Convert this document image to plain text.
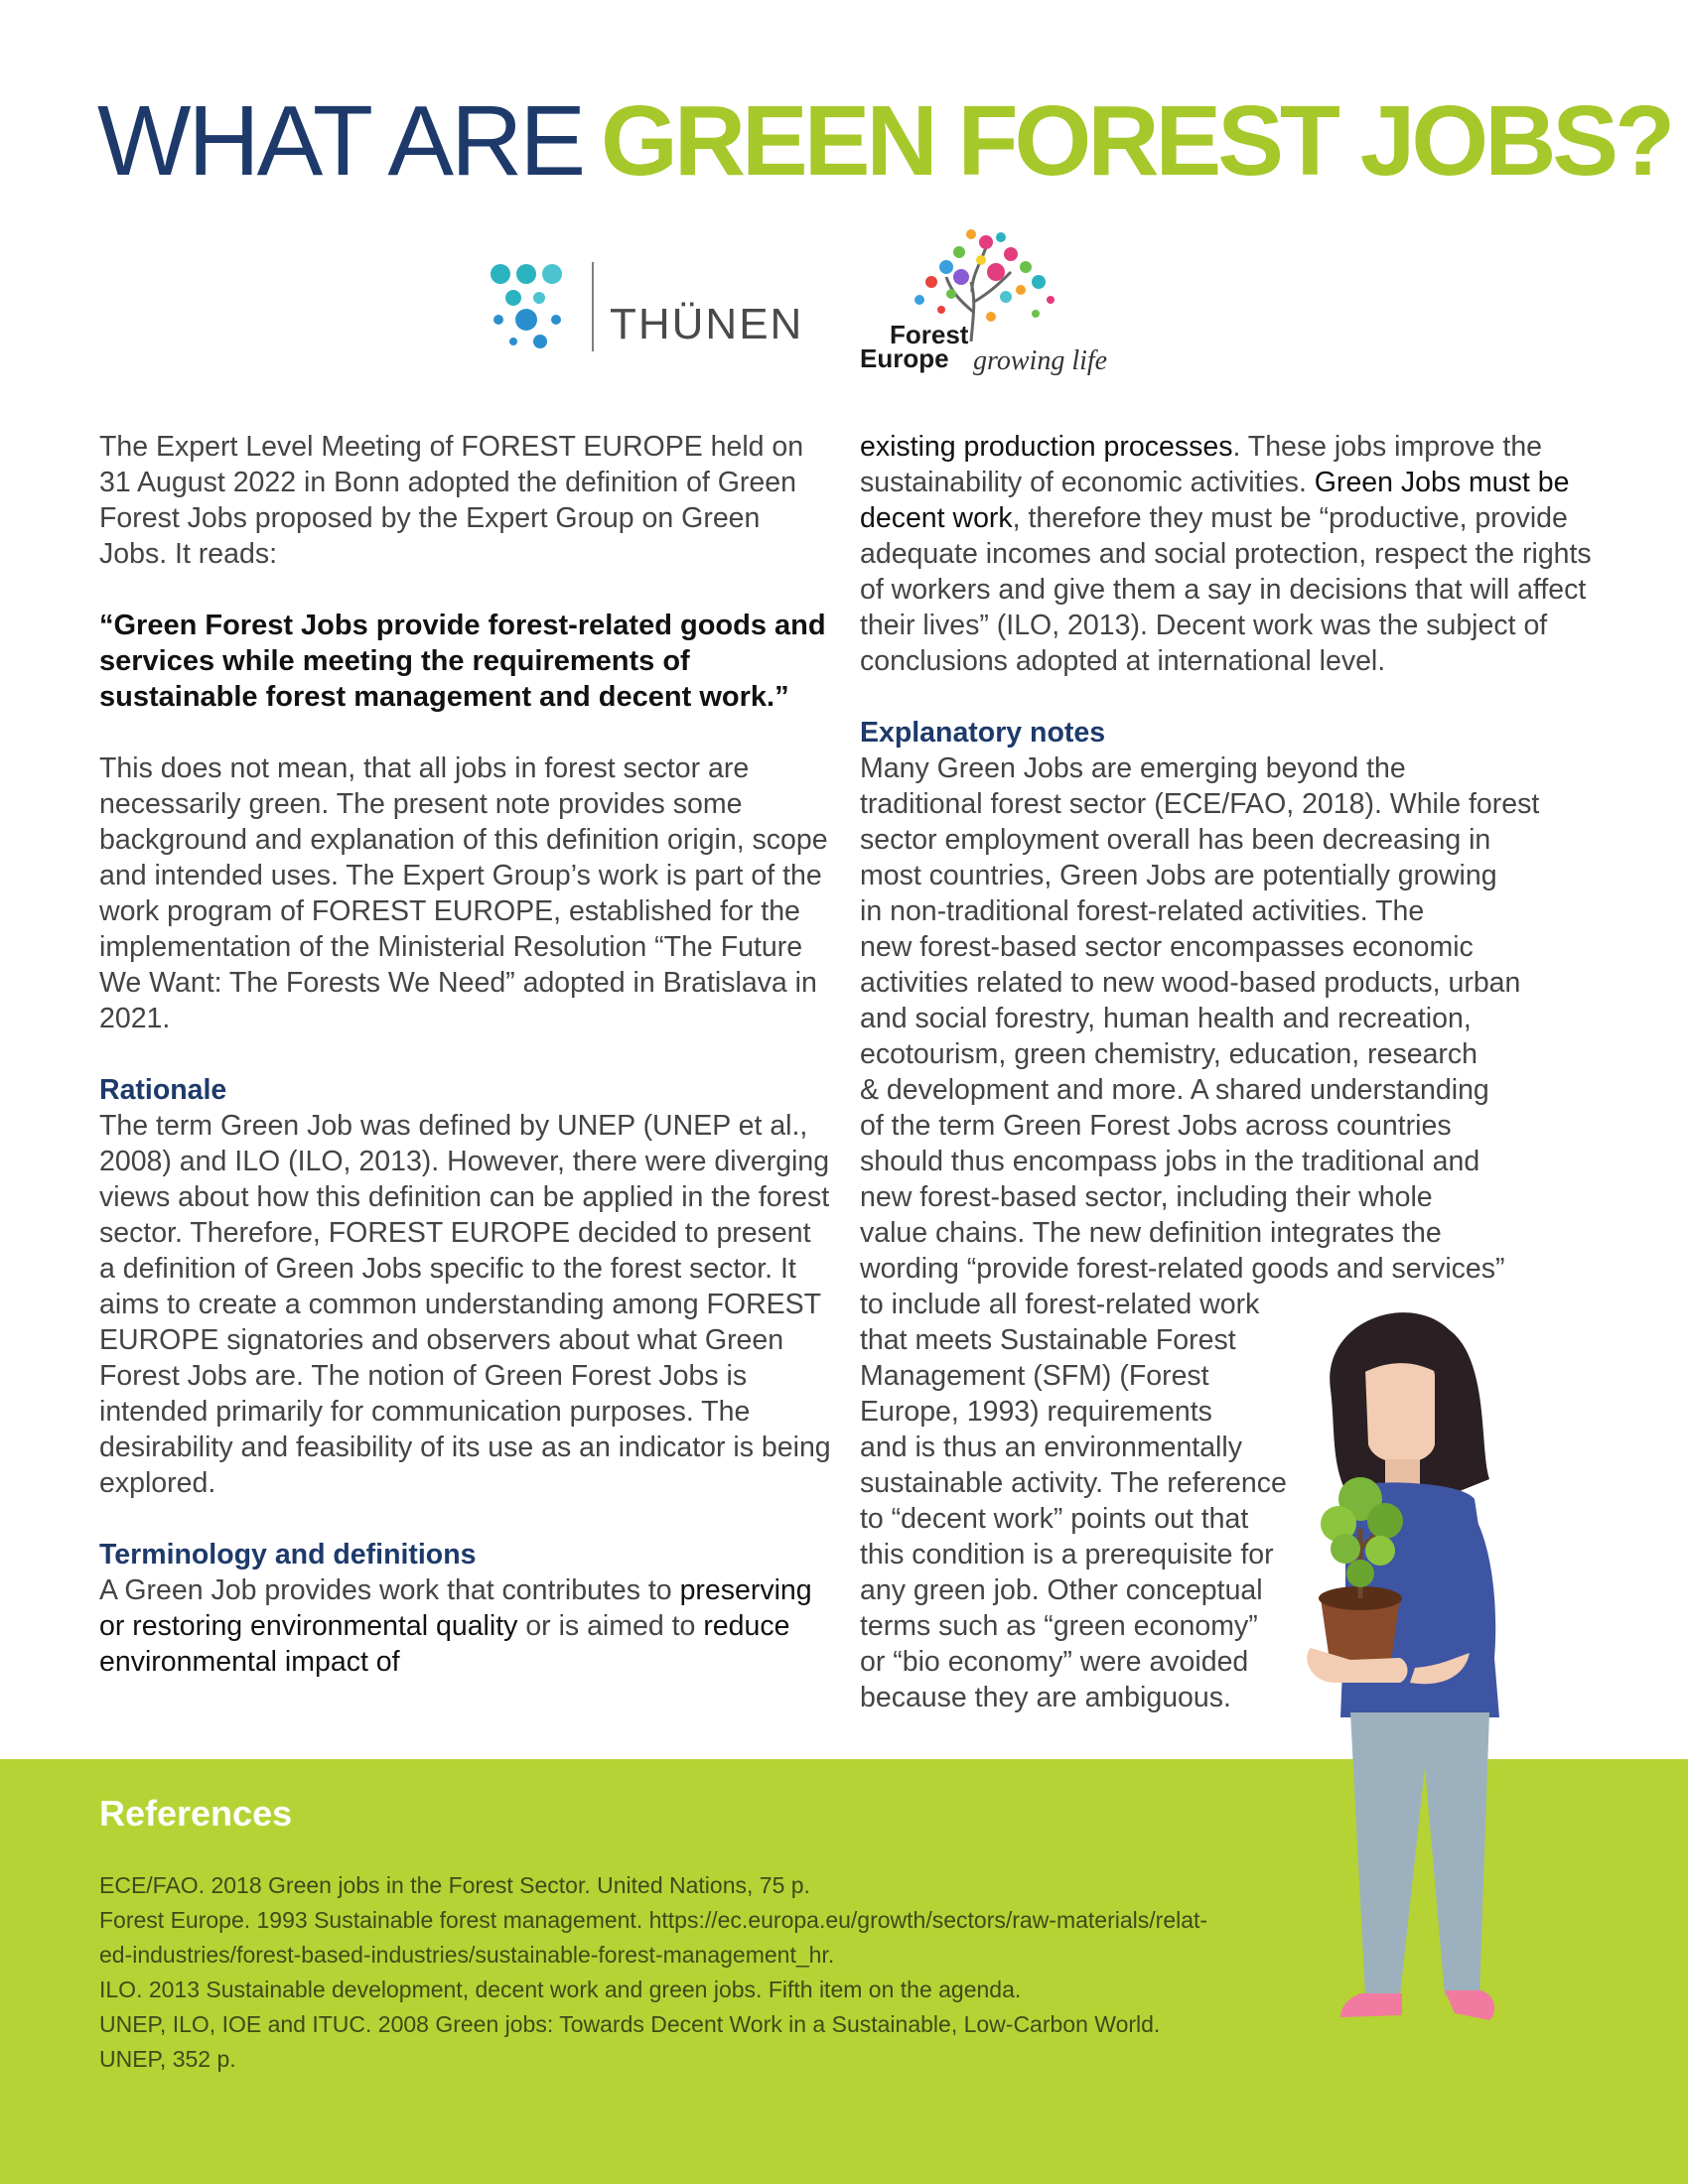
WHAT ARE GREEN FOREST JOBS?
THÜNEN	Forest
Europe growing life

The Expert Level Meeting of FOREST EUROPE held on 31 August 2022 in Bonn adopted the definition of Green Forest Jobs proposed by the Expert Group on Green Jobs. It reads:

“Green Forest Jobs provide forest-related goods and services while meeting the requirements of sustainable forest management and decent work.”

This does not mean, that all jobs in forest sector are necessarily green. The present note provides some background and explanation of this definition origin, scope and intended uses. The Expert Group’s work is part of the work program of FOREST EUROPE, established for the implementation of the Ministerial Resolution “The Future We Want: The Forests We Need” adopted in Bratislava in 2021.

Rationale

The term Green Job was defined by UNEP (UNEP et al., 2008) and ILO (ILO, 2013). However, there were diverging views about how this definition can be applied in the forest sector. Therefore, FOREST EUROPE decided to present a definition of Green Jobs specific to the forest sector. It aims to create a common understanding among FOREST EUROPE signatories and observers about what Green Forest Jobs are. The notion of Green Forest Jobs is intended primarily for communication purposes. The desirability and feasibility of its use as an indicator is being explored.

Terminology and definitions

A Green Job provides work that contributes to preserving or restoring environmental quality or is aimed to reduce environmental impact of

existing production processes. These jobs improve the sustainability of economic activities. Green Jobs must be decent work, therefore they must be “productive, provide adequate incomes and social protection, respect the rights of workers and give them a say in decisions that will affect their lives” (ILO, 2013). Decent work was the subject of conclusions adopted at international level.

Explanatory notes

Many Green Jobs are emerging beyond the
traditional forest sector (ECE/FAO, 2018). While forest
sector employment overall has been decreasing in
most countries, Green Jobs are potentially growing
in non-traditional forest-related activities. The
new forest-based sector encompasses economic
activities related to new wood-based products, urban
and social forestry, human health and recreation,
ecotourism, green chemistry, education, research
& development and more. A shared understanding
of the term Green Forest Jobs across countries
should thus encompass jobs in the traditional and
new forest-based sector, including their whole
value chains. The new definition integrates the
wording “provide forest-related goods and services”
to include all forest-related work
that meets Sustainable Forest
Management (SFM) (Forest
Europe, 1993) requirements
and is thus an environmentally
sustainable activity. The reference
to “decent work” points out that
this condition is a prerequisite for
any green job. Other conceptual
terms such as “green economy”
or “bio economy” were avoided
because they are ambiguous.
References
ECE/FAO. 2018 Green jobs in the Forest Sector. United Nations, 75 p.
Forest Europe. 1993 Sustainable forest management. https://ec.europa.eu/growth/sectors/raw-materials/relat-
ed-industries/forest-based-industries/sustainable-forest-management_hr.
ILO. 2013 Sustainable development, decent work and green jobs. Fifth item on the agenda.
UNEP, ILO, IOE and ITUC. 2008 Green jobs: Towards Decent Work in a Sustainable, Low-Carbon World.
UNEP, 352 p.
